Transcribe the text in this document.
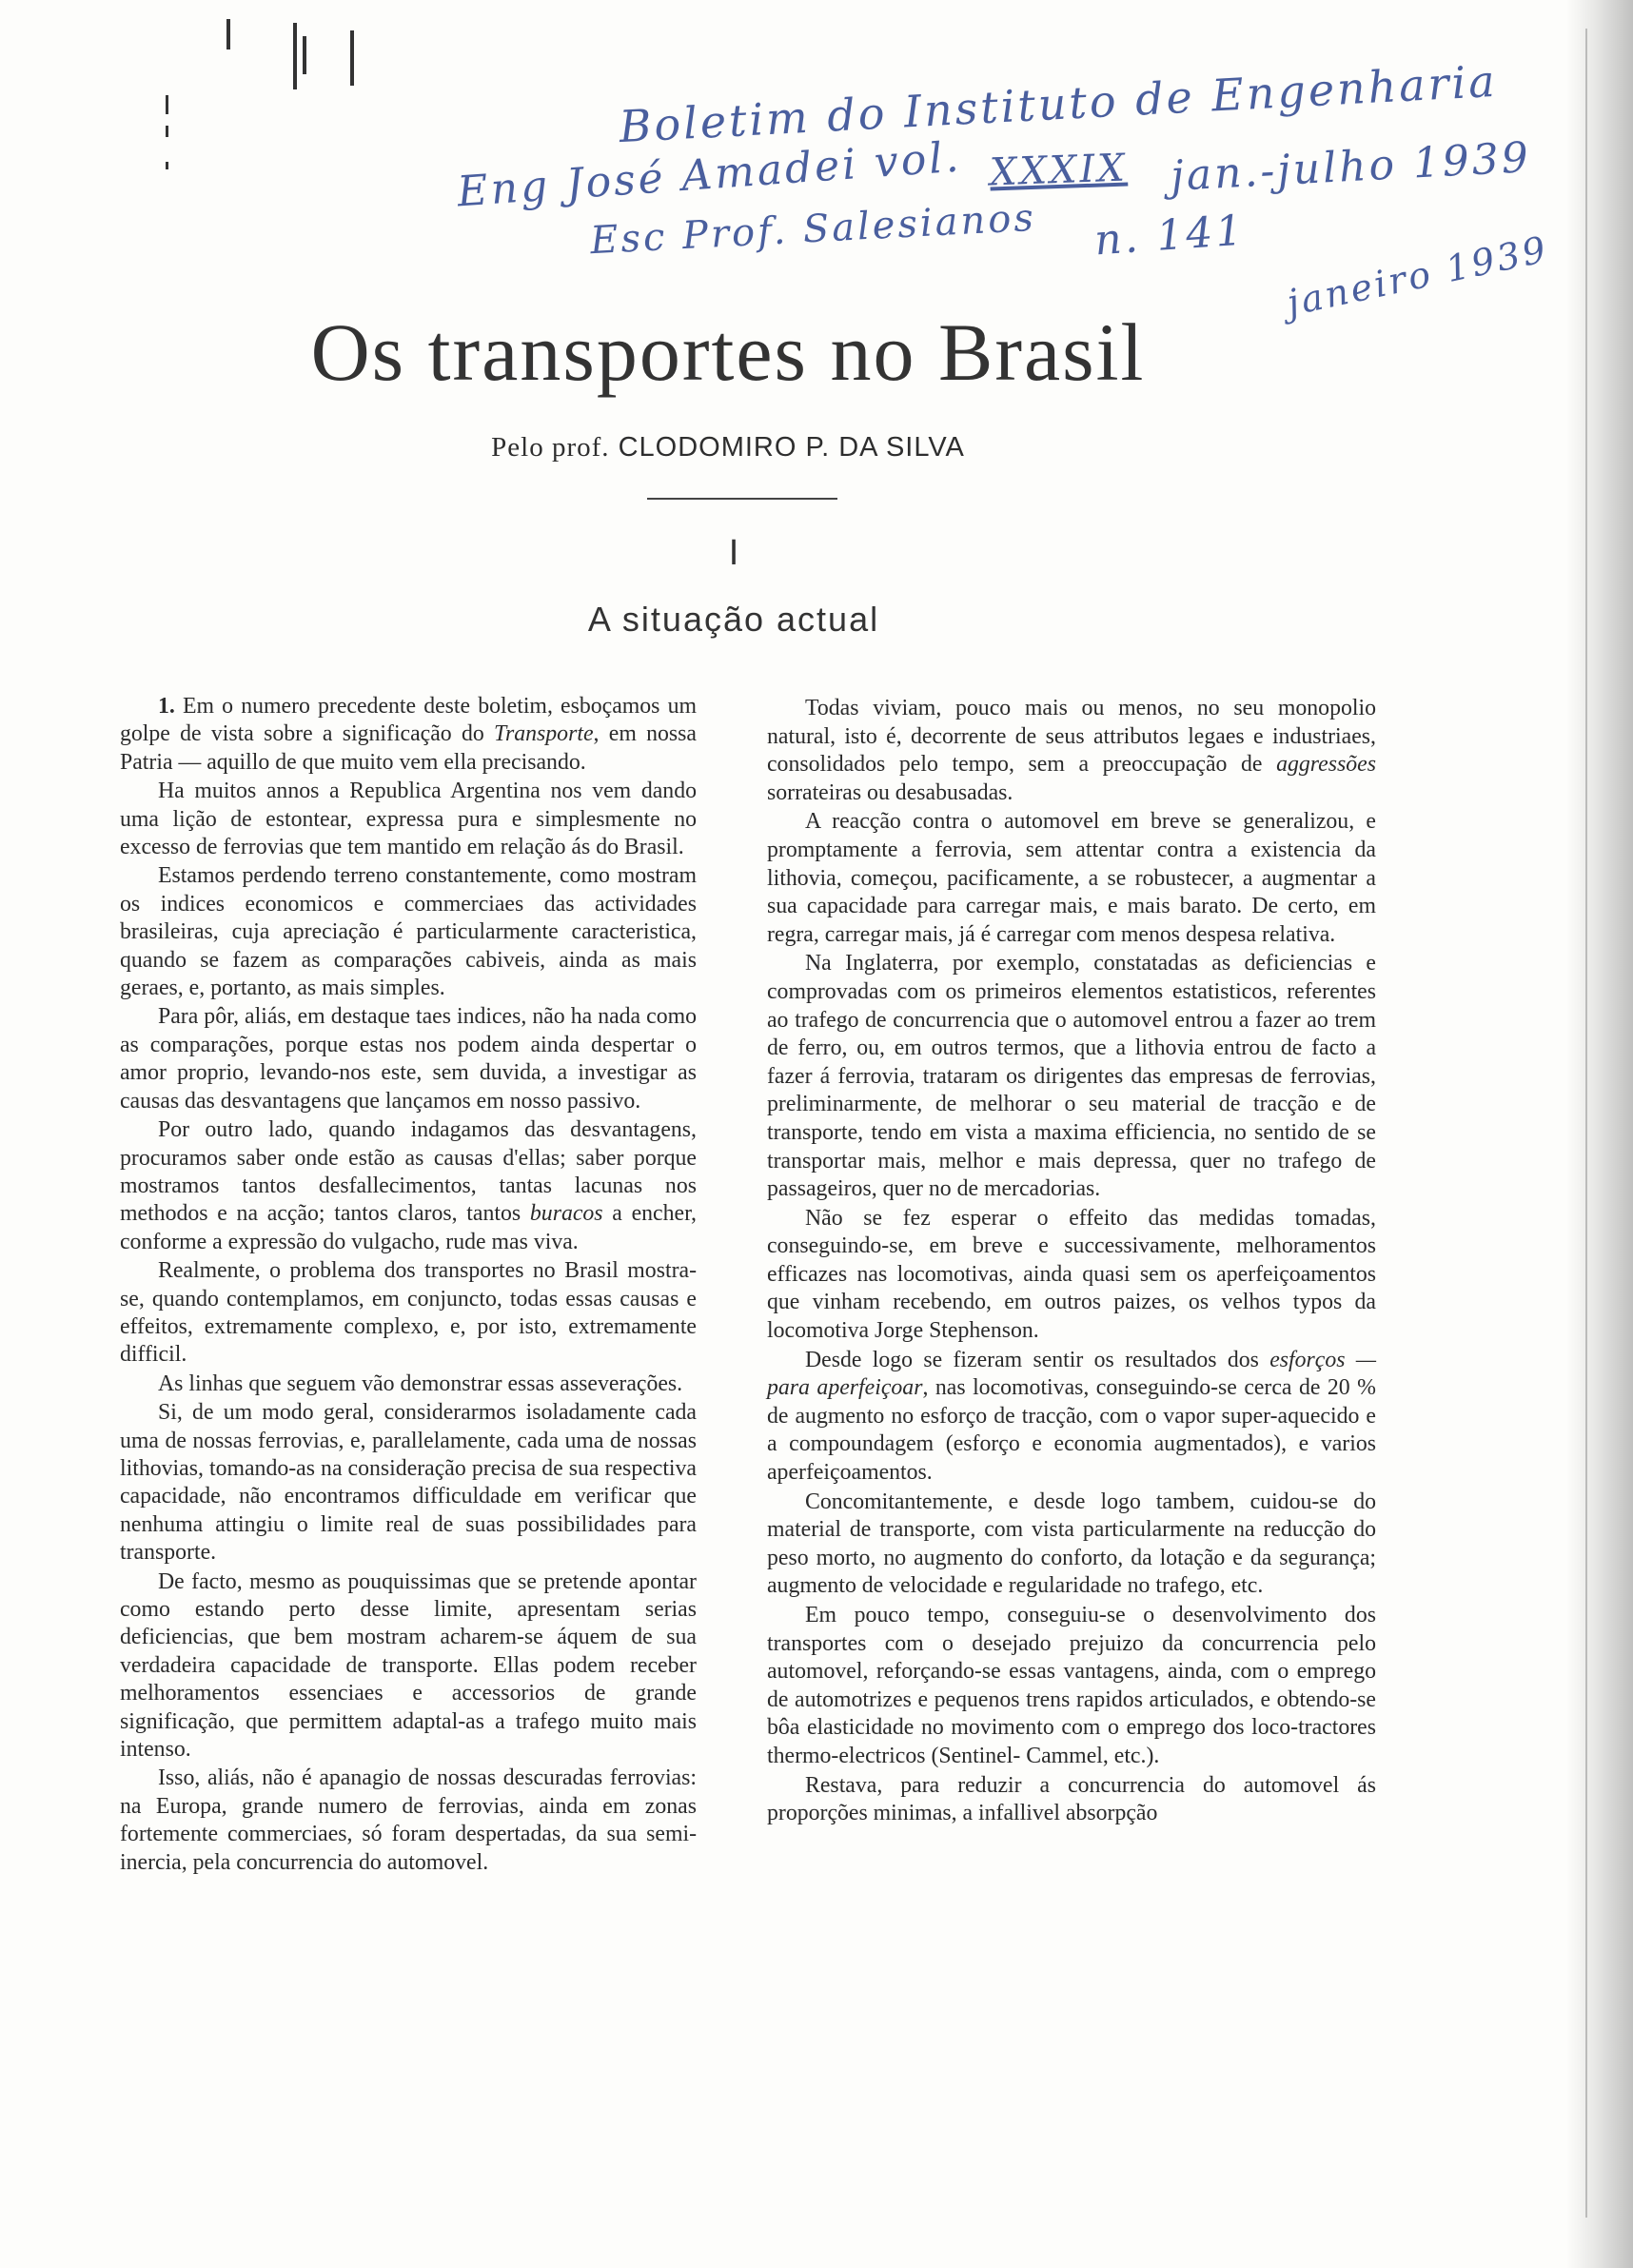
Boletim do Instituto de Engenharia
Eng José Amadei vol. XXXIX jan.-julho 1939
Esc Prof. Salesianos n. 141 janeiro 1939
Os transportes no Brasil
Pelo prof. CLODOMIRO P. DA SILVA
I
A situação actual

1. Em o numero precedente deste boletim, esboçamos um golpe de vista sobre a significação do Transporte, em nossa Patria — aquillo de que muito vem ella precisando.

Ha muitos annos a Republica Argentina nos vem dando uma lição de estontear, expressa pura e simplesmente no excesso de ferrovias que tem mantido em relação ás do Brasil.

Estamos perdendo terreno constantemente, como mostram os indices economicos e commerciaes das actividades brasileiras, cuja apreciação é particularmente caracteristica, quando se fazem as comparações cabiveis, ainda as mais geraes, e, portanto, as mais simples.

Para pôr, aliás, em destaque taes indices, não ha nada como as comparações, porque estas nos podem ainda despertar o amor proprio, levando-nos este, sem duvida, a investigar as causas das desvantagens que lançamos em nosso passivo.

Por outro lado, quando indagamos das desvantagens, procuramos saber onde estão as causas d'ellas; saber porque mostramos tantos desfallecimentos, tantas lacunas nos methodos e na acção; tantos claros, tantos buracos a encher, conforme a expressão do vulgacho, rude mas viva.

Realmente, o problema dos transportes no Brasil mostra-se, quando contemplamos, em conjuncto, todas essas causas e effeitos, extremamente complexo, e, por isto, extremamente difficil.

As linhas que seguem vão demonstrar essas asseverações.

Si, de um modo geral, considerarmos isoladamente cada uma de nossas ferrovias, e, parallelamente, cada uma de nossas lithovias, tomando-as na consideração precisa de sua respectiva capacidade, não encontramos difficuldade em verificar que nenhuma attingiu o limite real de suas possibilidades para transporte.

De facto, mesmo as pouquissimas que se pretende apontar como estando perto desse limite, apresentam serias deficiencias, que bem mostram acharem-se áquem de sua verdadeira capacidade de transporte. Ellas podem receber melhoramentos essenciaes e accessorios de grande significação, que permittem adaptal-as a trafego muito mais intenso.

Isso, aliás, não é apanagio de nossas descuradas ferrovias: na Europa, grande numero de ferrovias, ainda em zonas fortemente commerciaes, só foram despertadas, da sua semi-inercia, pela concurrencia do automovel.

Todas viviam, pouco mais ou menos, no seu monopolio natural, isto é, decorrente de seus attributos legaes e industriaes, consolidados pelo tempo, sem a preoccupação de aggressões sorrateiras ou desabusadas.

A reacção contra o automovel em breve se generalizou, e promptamente a ferrovia, sem attentar contra a existencia da lithovia, começou, pacificamente, a se robustecer, a augmentar a sua capacidade para carregar mais, e mais barato. De certo, em regra, carregar mais, já é carregar com menos despesa relativa.

Na Inglaterra, por exemplo, constatadas as deficiencias e comprovadas com os primeiros elementos estatisticos, referentes ao trafego de concurrencia que o automovel entrou a fazer ao trem de ferro, ou, em outros termos, que a lithovia entrou de facto a fazer á ferrovia, trataram os dirigentes das empresas de ferrovias, preliminarmente, de melhorar o seu material de tracção e de transporte, tendo em vista a maxima efficiencia, no sentido de se transportar mais, melhor e mais depressa, quer no trafego de passageiros, quer no de mercadorias.

Não se fez esperar o effeito das medidas tomadas, conseguindo-se, em breve e successivamente, melhoramentos efficazes nas locomotivas, ainda quasi sem os aperfeiçoamentos que vinham recebendo, em outros paizes, os velhos typos da locomotiva Jorge Stephenson.

Desde logo se fizeram sentir os resultados dos esforços — para aperfeiçoar, nas locomotivas, conseguindo-se cerca de 20 % de augmento no esforço de tracção, com o vapor super-aquecido e a compoundagem (esforço e economia augmentados), e varios aperfeiçoamentos.

Concomitantemente, e desde logo tambem, cuidou-se do material de transporte, com vista particularmente na reducção do peso morto, no augmento do conforto, da lotação e da segurança; augmento de velocidade e regularidade no trafego, etc.

Em pouco tempo, conseguiu-se o desenvolvimento dos transportes com o desejado prejuizo da concurrencia pelo automovel, reforçando-se essas vantagens, ainda, com o emprego de automotrizes e pequenos trens rapidos articulados, e obtendo-se bôa elasticidade no movimento com o emprego dos loco-tractores thermo-electricos (Sentinel- Cammel, etc.).

Restava, para reduzir a concurrencia do automovel ás proporções minimas, a infallivel absorpção
